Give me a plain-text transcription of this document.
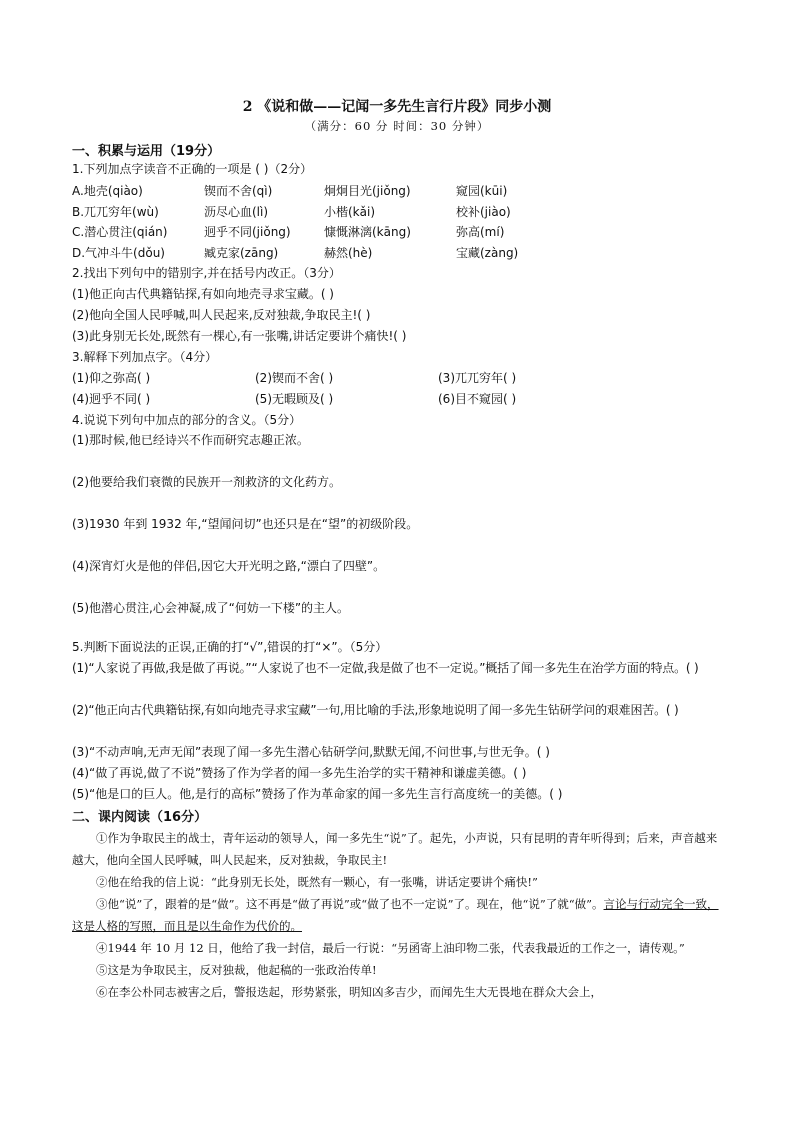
2 《说和做——记闻一多先生言行片段》同步小测
（满分：60 分 时间：30 分钟）
一、积累与运用（19分）
1.下列加点字读音不正确的一项是 ( )（2分）
A.地壳(qiào)	锲而不舍(qì)	炯炯目光(jiǒng)	窥园(kūi)
B.兀兀穷年(wù)	沥尽心血(lì)	小楷(kǎi)	校补(jiào)
C.潜心贯注(qián)	迥乎不同(jiǒng)	慷慨淋漓(kāng)	弥高(mí)
D.气冲斗牛(dǒu)	臧克家(zāng)	赫然(hè)	宝藏(zàng)
2.找出下列句中的错别字,并在括号内改正。（3分）
(1)他正向古代典籍钻探,有如向地壳寻求宝藏。( )
(2)他向全国人民呼喊,叫人民起来,反对独裁,争取民主!( )
(3)此身别无长处,既然有一棵心,有一张嘴,讲话定要讲个痛快!( )
3.解释下列加点字。（4分）
(1)仰之弥高( )	(2)锲而不舍( )	(3)兀兀穷年( )
(4)迥乎不同( )	(5)无暇顾及( )	(6)目不窥园( )
4.说说下列句中加点的部分的含义。（5分）
(1)那时候,他已经诗兴不作而研究志趣正浓。
(2)他要给我们衰微的民族开一剂救济的文化药方。
(3)1930 年到 1932 年,“望闻问切”也还只是在“望”的初级阶段。
(4)深宵灯火是他的伴侣,因它大开光明之路,“漂白了四壁”。
(5)他潜心贯注,心会神凝,成了“何妨一下楼”的主人。
5.判断下面说法的正误,正确的打“√”,错误的打“×”。（5分）
(1)“人家说了再做,我是做了再说。”“人家说了也不一定做,我是做了也不一定说。”概括了闻一多先生在治学方面的特点。( )
(2)“他正向古代典籍钻探,有如向地壳寻求宝藏”一句,用比喻的手法,形象地说明了闻一多先生钻研学问的艰难困苦。( )
(3)“不动声响,无声无闻”表现了闻一多先生潜心钻研学问,默默无闻,不问世事,与世无争。( )
(4)“做了再说,做了不说”赞扬了作为学者的闻一多先生治学的实干精神和谦虚美德。( )
(5)“他是口的巨人。他,是行的高标”赞扬了作为革命家的闻一多先生言行高度统一的美德。( )
二、课内阅读（16分）

①作为争取民主的战士，青年运动的领导人，闻一多先生“说”了。起先，小声说，只有昆明的青年听得到；后来，声音越来越大，他向全国人民呼喊，叫人民起来，反对独裁，争取民主!

②他在给我的信上说：“此身别无长处，既然有一颗心，有一张嘴，讲话定要讲个痛快!”

③他“说”了，跟着的是“做”。这不再是“做了再说”或“做了也不一定说”了。现在，他“说”了就“做”。言论与行动完全一致，这是人格的写照，而且是以生命作为代价的。

④1944 年 10 月 12 日，他给了我一封信，最后一行说：“另函寄上油印物二张，代表我最近的工作之一，请传观。”

⑤这是为争取民主，反对独裁，他起稿的一张政治传单!

⑥在李公朴同志被害之后，警报迭起，形势紧张，明知凶多吉少，而闻先生大无畏地在群众大会上，
